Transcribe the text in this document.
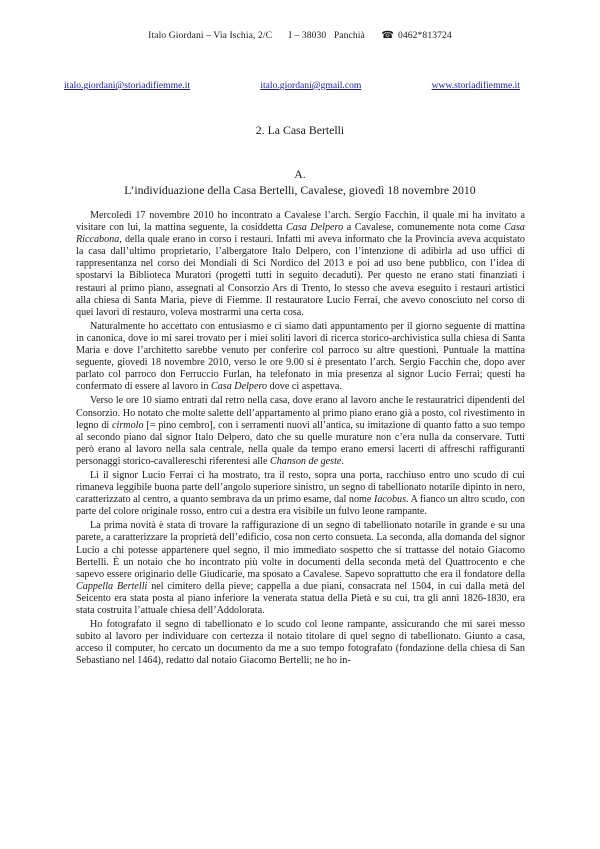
Italo Giordani – Via Ischia, 2/C I – 38030 Panchià ☎ 0462*813724
italo.giordani@storiadifiemme.it	italo.giordani@gmail.com	www.storiadifiemme.it
2. La Casa Bertelli
A.
L’individuazione della Casa Bertelli, Cavalese, giovedì 18 novembre 2010

Mercoledì 17 novembre 2010 ho incontrato a Cavalese l’arch. Sergio Facchin, il quale mi ha invitato a visitare con lui, la mattina seguente, la cosiddetta Casa Delpero a Cavalese, comunemente nota come Casa Riccabona, della quale erano in corso i restauri. Infatti mi aveva informato che la Provincia aveva acquistato la casa dall’ultimo proprietario, l’albergatore Italo Delpero, con l’intenzione di adibirla ad uso uffici di rappresentanza nel corso dei Mondiali di Sci Nordico del 2013 e poi ad uso bene pubblico, con l’idea di spostarvi la Biblioteca Muratori (progetti tutti in seguito decaduti). Per questo ne erano stati finanziati i restauri al primo piano, assegnati al Consorzio Ars di Trento, lo stesso che aveva eseguito i restauri artistici alla chiesa di Santa Maria, pieve di Fiemme. Il restauratore Lucio Ferrai, che avevo conosciuto nel corso di quei lavori di restauro, voleva mostrarmi una certa cosa.

Naturalmente ho accettato con entusiasmo e ci siamo dati appuntamento per il giorno seguente di mattina in canonica, dove io mi sarei trovato per i miei soliti lavori di ricerca storico-archivistica sulla chiesa di Santa Maria e dove l’architetto sarebbe venuto per conferire col parroco su altre questioni. Puntuale la mattina seguente, giovedì 18 novembre 2010, verso le ore 9.00 si è presentato l’arch. Sergio Facchin che, dopo aver parlato col parroco don Ferruccio Furlan, ha telefonato in mia presenza al signor Lucio Ferrai; questi ha confermato di essere al lavoro in Casa Delpero dove ci aspettava.

Verso le ore 10 siamo entrati dal retro nella casa, dove erano al lavoro anche le restauratrici dipendenti del Consorzio. Ho notato che molte salette dell’appartamento al primo piano erano già a posto, col rivestimento in legno di cirmolo [= pino cembro], con i serramenti nuovi all’antica, su imitazione di quanto fatto a suo tempo al secondo piano dal signor Italo Delpero, dato che su quelle murature non c’era nulla da conservare. Tutti però erano al lavoro nella sala centrale, nella quale da tempo erano emersi lacerti di affreschi raffiguranti personaggi storico-cavallereschi riferentesi alle Chanson de geste.

Lì il signor Lucio Ferrai ci ha mostrato, tra il resto, sopra una porta, racchiuso entro uno scudo di cui rimaneva leggibile buona parte dell’angolo superiore sinistro, un segno di tabellionato notarile dipinto in nero, caratterizzato al centro, a quanto sembrava da un primo esame, dal nome Iacobus. A fianco un altro scudo, con parte del colore originale rosso, entro cui a destra era visibile un fulvo leone rampante.

La prima novità è stata di trovare la raffigurazione di un segno di tabellionato notarile in grande e su una parete, a caratterizzare la proprietà dell’edificio, cosa non certo consueta. La seconda, alla domanda del signor Lucio a chi potesse appartenere quel segno, il mio immediato sospetto che si trattasse del notaio Giacomo Bertelli. È un notaio che ho incontrato più volte in documenti della seconda metà del Quattrocento e che sapevo essere originario delle Giudicarie, ma sposato a Cavalese. Sapevo soprattutto che era il fondatore della Cappella Bertelli nel cimitero della pieve; cappella a due piani, consacrata nel 1504, in cui dalla metà del Seicento era stata posta al piano inferiore la venerata statua della Pietà e su cui, tra gli anni 1826-1830, era stata costruita l’attuale chiesa dell’Addolorata.

Ho fotografato il segno di tabellionato e lo scudo col leone rampante, assicurando che mi sarei messo subito al lavoro per individuare con certezza il notaio titolare di quel segno di tabellionato. Giunto a casa, acceso il computer, ho cercato un documento da me a suo tempo fotografato (fondazione della chiesa di San Sebastiano nel 1464), redatto dal notaio Giacomo Bertelli; ne ho in-
